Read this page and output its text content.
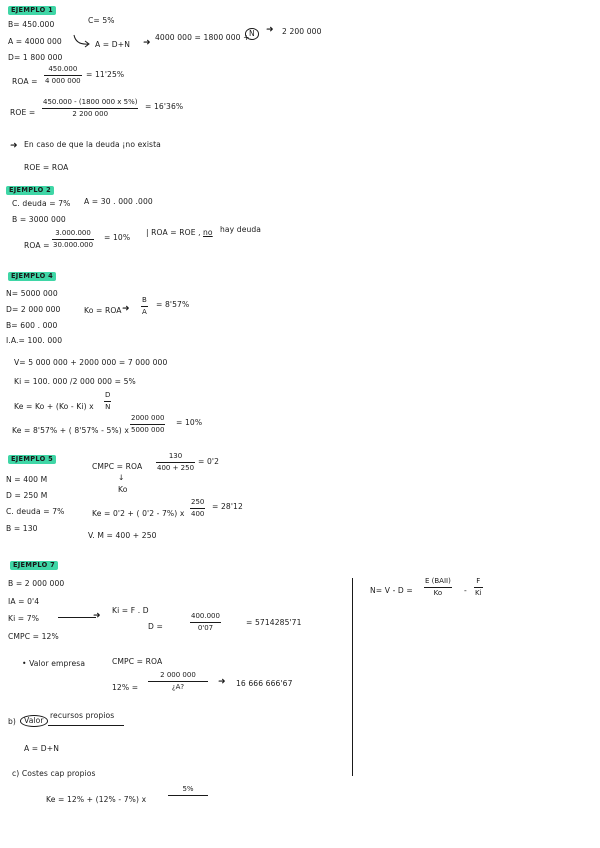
EJEMPLO 1
B= 450.000	C= 5%
A = 4000 000
D= 1 800 000
A = D+N ➜
4000 000 = 1800 000 + N	➜ 2 200 000
ROA =
450.000
4 000 000
= 11'25%
ROE =
450.000 - (1800 000 x 5%)
2 200 000
= 16'36%
➜ En caso de que la deuda ¡no exista
ROE = ROA
EJEMPLO 2
C. deuda = 7% A = 30 . 000 .000
B = 3000 000
ROA =
3.000.000
30.000.000
= 10%
| ROA = ROE , no hay deuda
EJEMPLO 4
N= 5000 000
D= 2 000 000
B= 600 . 000
I.A.= 100. 000
Ko = ROA ➜
B
A
= 8'57%
V= 5 000 000 + 2000 000 = 7 000 000
Ki = 100. 000 /2 000 000 = 5%
Ke = Ko + (Ko - Ki) x
D
N
Ke = 8'57% + ( 8'57% - 5%) x
2000 000
5000 000
= 10%
EJEMPLO 5
N = 400 M
D = 250 M
C. deuda = 7%
B = 130
CMPC = ROA
↓
Ko
130
400 + 250
= 0'2
Ke = 0'2 + ( 0'2 - 7%) x
250
400
= 28'12
V. M = 400 + 250
EJEMPLO 7
B = 2 000 000
IA = 0'4
Ki = 7%	➜
CMPC = 12%
Ki = F . D
D =
400.000
0'07
= 5714285'71
• Valor empresa	CMPC = ROA
12% =
2 000 000
¿A?	➜ 16 666 666'67
b)	Valor
recursos propios
A = D+N
c) Costes cap propios
Ke = 12% + (12% - 7%) x
5%
N= V - D =
E (BAII)
Ko	-
F
Ki
